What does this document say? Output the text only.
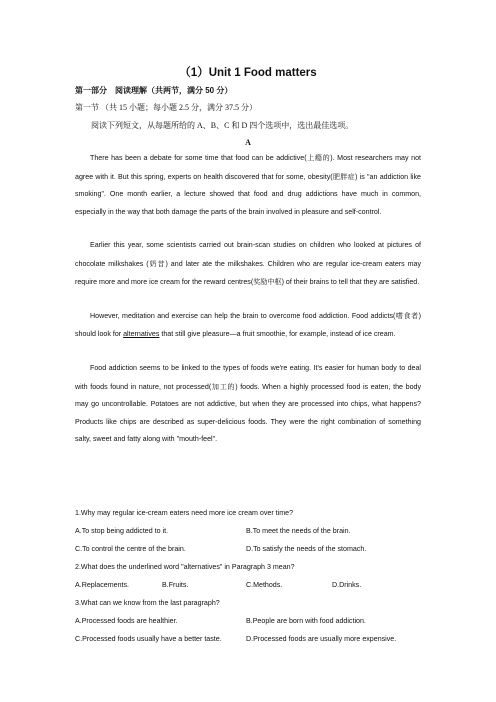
（1）Unit 1 Food matters
第一部分　阅读理解（共两节，满分 50 分）
第一节 （共 15 小题；每小题 2.5 分，满分 37.5 分）
阅读下列短文，从每题所给的 A、B、C 和 D 四个选项中，选出最佳选项。
A

There has been a debate for some time that food can be addictive(上瘾的). Most researchers may not agree with it. But this spring, experts on health discovered that for some, obesity(肥胖症) is "an addiction like smoking". One month earlier, a lecture showed that food and drug addictions have much in common, especially in the way that both damage the parts of the brain involved in pleasure and self-control.

Earlier this year, some scientists carried out brain-scan studies on children who looked at pictures of chocolate milkshakes (奶昔) and later ate the milkshakes. Children who are regular ice-cream eaters may require more and more ice cream for the reward centres(奖励中枢) of their brains to tell that they are satisfied.

However, meditation and exercise can help the brain to overcome food addiction. Food addicts(嗜食者) should look for alternatives that still give pleasure—a fruit smoothie, for example, instead of ice cream.

Food addiction seems to be linked to the types of foods we're eating. It's easier for human body to deal with foods found in nature, not processed(加工的) foods. When a highly processed food is eaten, the body may go uncontrollable. Potatoes are not addictive, but when they are processed into chips, what happens? Products like chips are described as super-delicious foods. They were the right combination of something salty, sweet and fatty along with "mouth-feel".

1.Why may regular ice-cream eaters need more ice cream over time?
A.To stop being addicted to it.	B.To meet the needs of the brain.
C.To control the centre of the brain.	D.To satisfy the needs of the stomach.
2.What does the underlined word "alternatives" in Paragraph 3 mean?
A.Replacements.	B.Fruits.	C.Methods.	D.Drinks.
3.What can we know from the last paragraph?
A.Processed foods are healthier.	B.People are born with food addiction.
C.Processed foods usually have a better taste.	D.Processed foods are usually more expensive.
